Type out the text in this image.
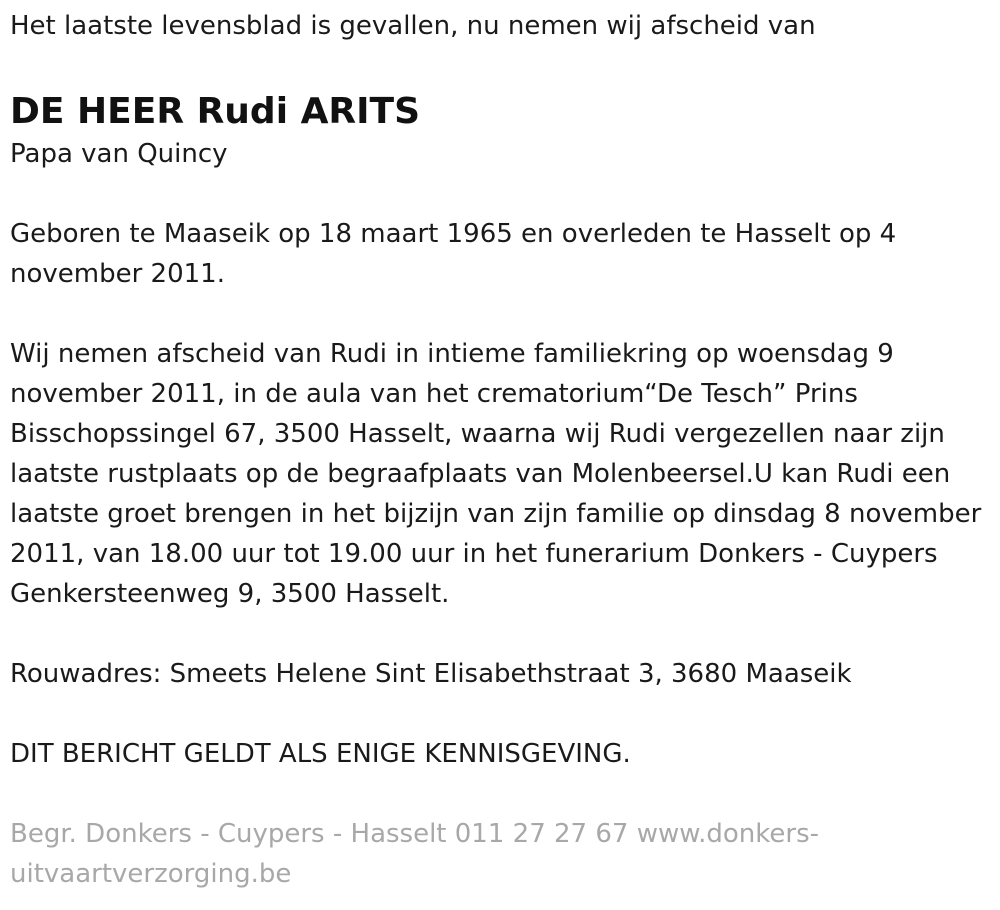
Het laatste levensblad is gevallen, nu nemen wij afscheid van

DE HEER Rudi ARITS

Papa van Quincy

Geboren te Maaseik op 18 maart 1965 en overleden te Hasselt op 4 november 2011.

Wij nemen afscheid van Rudi in intieme familiekring op woensdag 9 november 2011, in de aula van het crematorium“De Tesch” Prins Bisschopssingel 67, 3500 Hasselt, waarna wij Rudi vergezellen naar zijn laatste rustplaats op de begraafplaats van Molenbeersel.U kan Rudi een laatste groet brengen in het bijzijn van zijn familie op dinsdag 8 november 2011, van 18.00 uur tot 19.00 uur in het funerarium Donkers - Cuypers Genkersteenweg 9, 3500 Hasselt.

Rouwadres: Smeets Helene Sint Elisabethstraat 3, 3680 Maaseik

DIT BERICHT GELDT ALS ENIGE KENNISGEVING.

Begr. Donkers - Cuypers - Hasselt 011 27 27 67 www.donkers-uitvaartverzorging.be
